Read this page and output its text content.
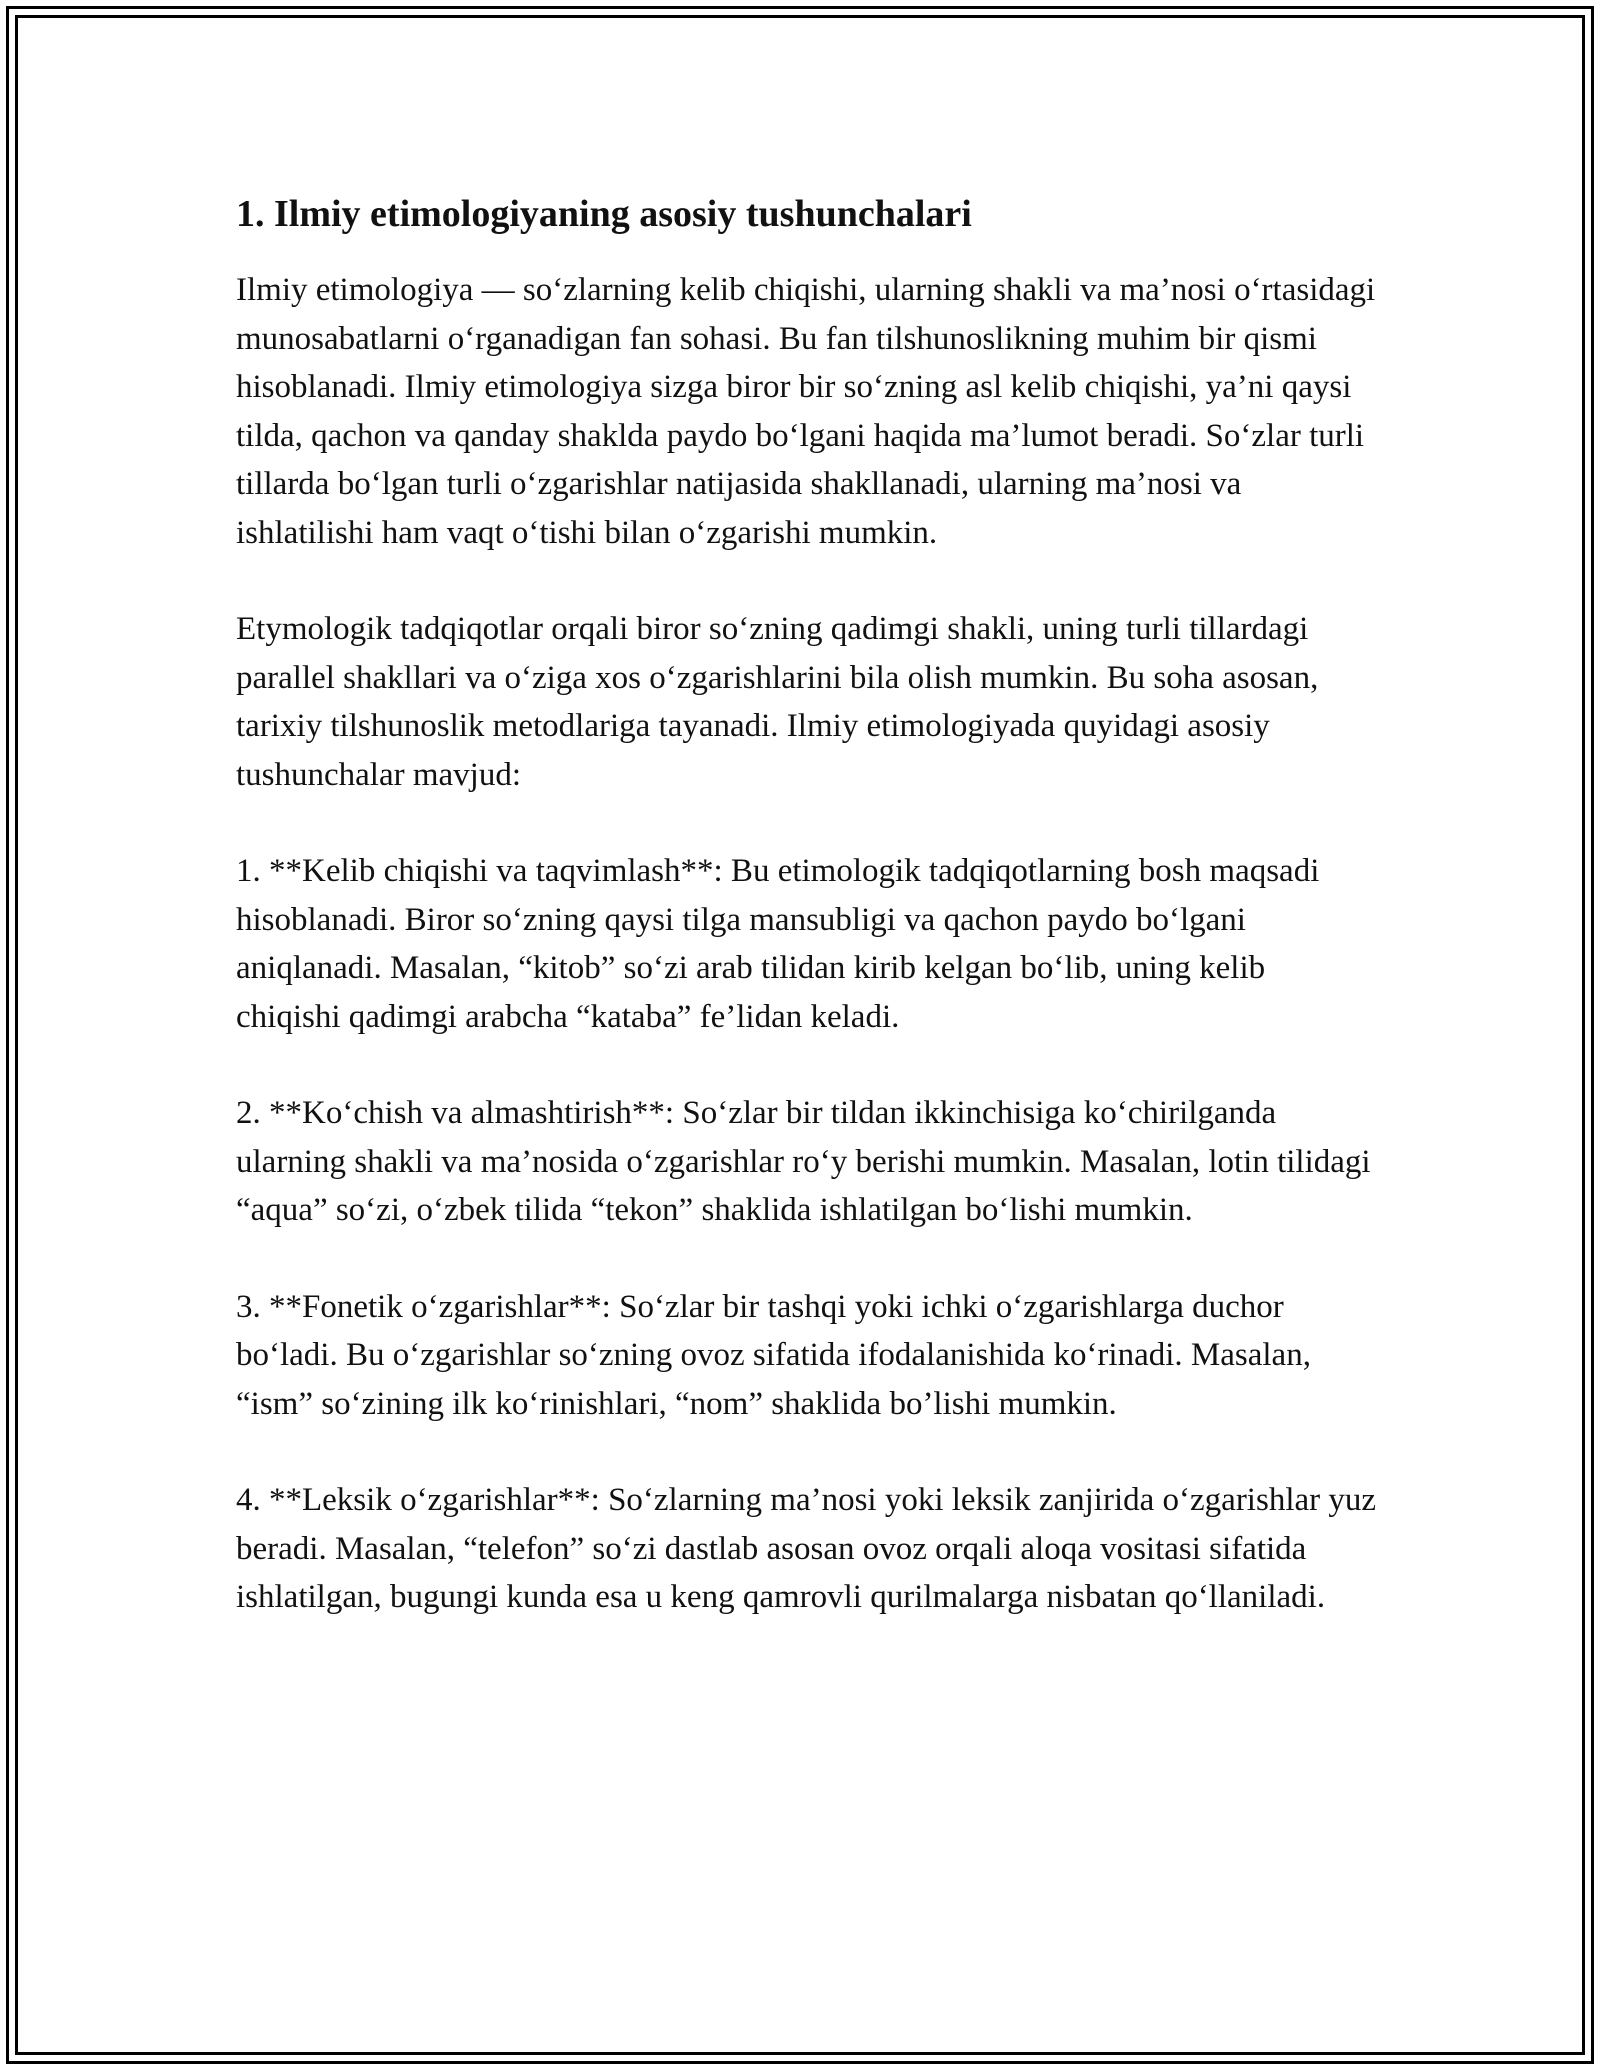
1. Ilmiy etimologiyaning asosiy tushunchalari

Ilmiy etimologiya — so‘zlarning kelib chiqishi, ularning shakli va ma’nosi o‘rtasidagi munosabatlarni o‘rganadigan fan sohasi. Bu fan tilshunoslikning muhim bir qismi hisoblanadi. Ilmiy etimologiya sizga biror bir so‘zning asl kelib chiqishi, ya’ni qaysi tilda, qachon va qanday shaklda paydo bo‘lgani haqida ma’lumot beradi. So‘zlar turli tillarda bo‘lgan turli o‘zgarishlar natijasida shakllanadi, ularning ma’nosi va ishlatilishi ham vaqt o‘tishi bilan o‘zgarishi mumkin.

Etymologik tadqiqotlar orqali biror so‘zning qadimgi shakli, uning turli tillardagi parallel shakllari va o‘ziga xos o‘zgarishlarini bila olish mumkin. Bu soha asosan, tarixiy tilshunoslik metodlariga tayanadi. Ilmiy etimologiyada quyidagi asosiy tushunchalar mavjud:

1. **Kelib chiqishi va taqvimlash**: Bu etimologik tadqiqotlarning bosh maqsadi hisoblanadi. Biror so‘zning qaysi tilga mansubligi va qachon paydo bo‘lgani aniqlanadi. Masalan, “kitob” so‘zi arab tilidan kirib kelgan bo‘lib, uning kelib chiqishi qadimgi arabcha “kataba” fe’lidan keladi.

2. **Ko‘chish va almashtirish**: So‘zlar bir tildan ikkinchisiga ko‘chirilganda ularning shakli va ma’nosida o‘zgarishlar ro‘y berishi mumkin. Masalan, lotin tilidagi “aqua” so‘zi, o‘zbek tilida “tekon” shaklida ishlatilgan bo‘lishi mumkin.

3. **Fonetik o‘zgarishlar**: So‘zlar bir tashqi yoki ichki o‘zgarishlarga duchor bo‘ladi. Bu o‘zgarishlar so‘zning ovoz sifatida ifodalanishida ko‘rinadi. Masalan, “ism” so‘zining ilk ko‘rinishlari, “nom” shaklida bo’lishi mumkin.

4. **Leksik o‘zgarishlar**: So‘zlarning ma’nosi yoki leksik zanjirida o‘zgarishlar yuz beradi. Masalan, “telefon” so‘zi dastlab asosan ovoz orqali aloqa vositasi sifatida ishlatilgan, bugungi kunda esa u keng qamrovli qurilmalarga nisbatan qo‘llaniladi.
